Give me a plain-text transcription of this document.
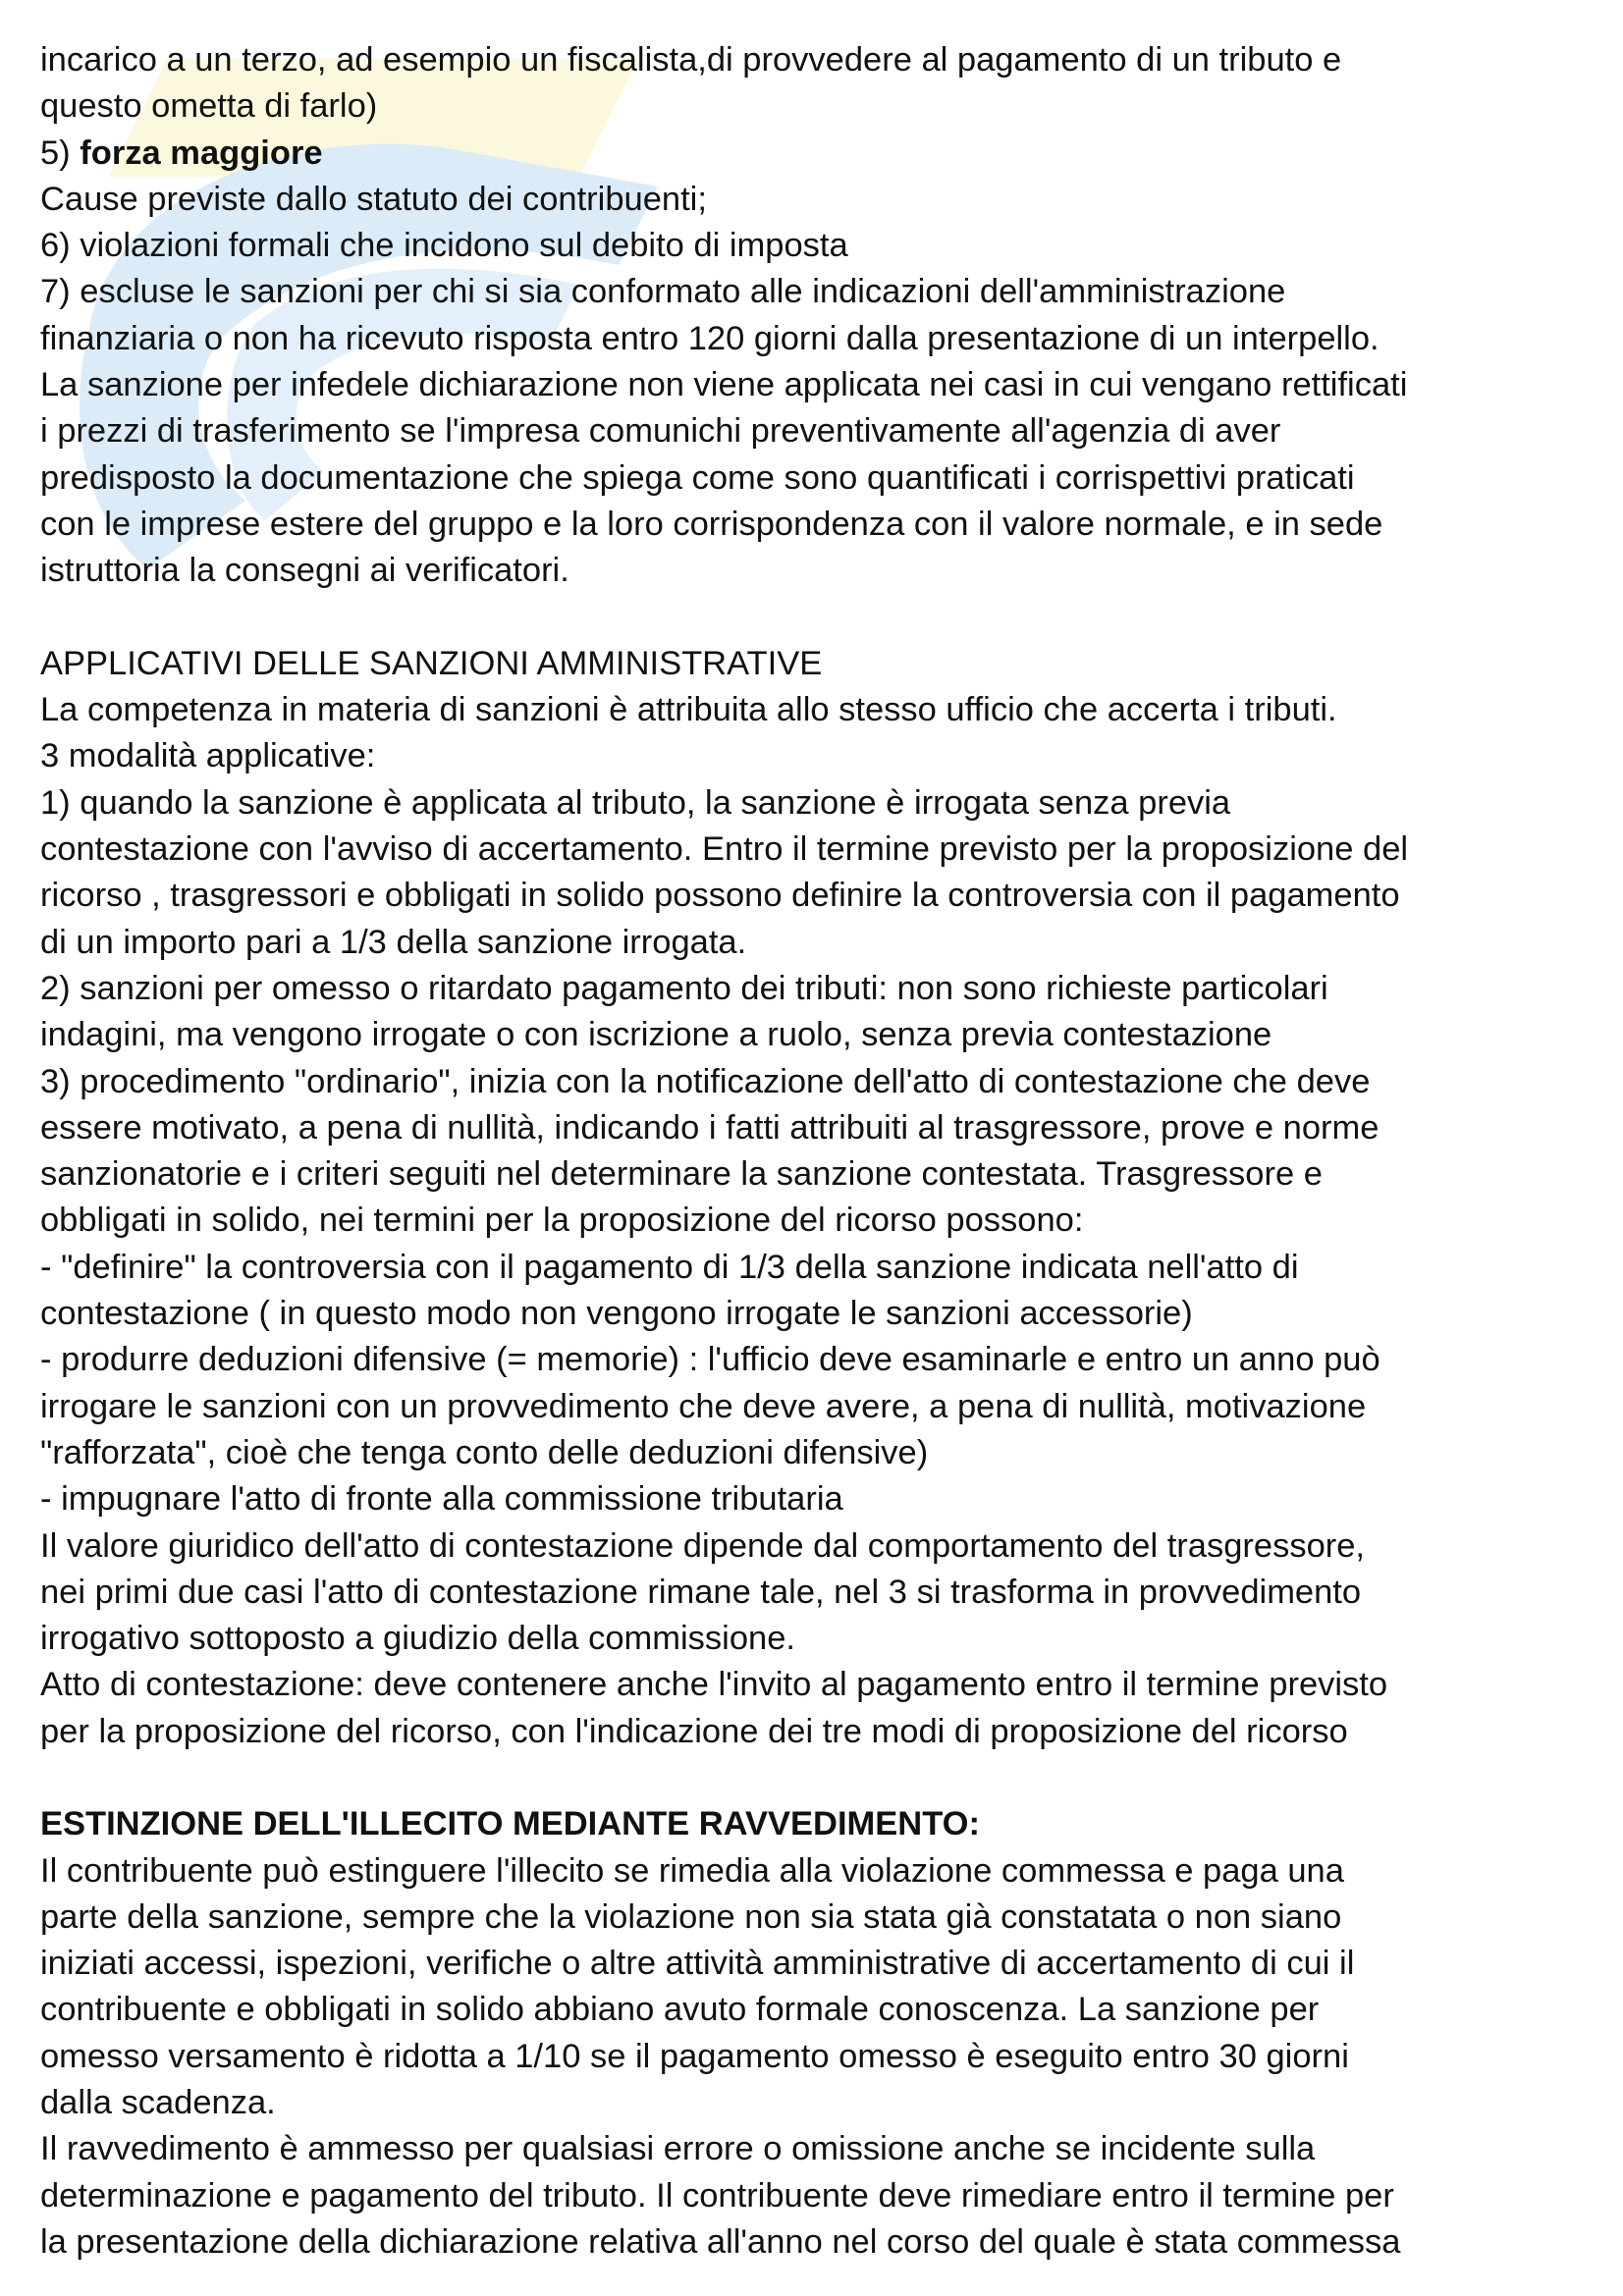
incarico a un terzo, ad esempio un fiscalista,di provvedere al pagamento di un tributo e

questo ometta di farlo)

5) forza maggiore

Cause previste dallo statuto dei contribuenti;

6) violazioni formali che incidono sul debito di imposta

7) escluse le sanzioni per chi si sia conformato alle indicazioni dell'amministrazione

finanziaria o non ha ricevuto risposta entro 120 giorni dalla presentazione di un interpello.

La sanzione per infedele dichiarazione non viene applicata nei casi in cui vengano rettificati

i prezzi di trasferimento se l'impresa comunichi preventivamente all'agenzia di aver

predisposto la documentazione che spiega come sono quantificati i corrispettivi praticati

con le imprese estere del gruppo e la loro corrispondenza con il valore normale, e in sede

istruttoria la consegni ai verificatori.

APPLICATIVI DELLE SANZIONI AMMINISTRATIVE

La competenza in materia di sanzioni è attribuita allo stesso ufficio che accerta i tributi.

3 modalità applicative:

1) quando la sanzione è applicata al tributo, la sanzione è irrogata senza previa

contestazione con l'avviso di accertamento. Entro il termine previsto per la proposizione del

ricorso , trasgressori e obbligati in solido possono definire la controversia con il pagamento

di un importo pari a 1/3 della sanzione irrogata.

2) sanzioni per omesso o ritardato pagamento dei tributi: non sono richieste particolari

indagini, ma vengono irrogate o con iscrizione a ruolo, senza previa contestazione

3) procedimento "ordinario", inizia con la notificazione dell'atto di contestazione che deve

essere motivato, a pena di nullità, indicando i fatti attribuiti al trasgressore, prove e norme

sanzionatorie e i criteri seguiti nel determinare la sanzione contestata. Trasgressore e

obbligati in solido, nei termini per la proposizione del ricorso possono:

- "definire" la controversia con il pagamento di 1/3 della sanzione indicata nell'atto di

contestazione ( in questo modo non vengono irrogate le sanzioni accessorie)

- produrre deduzioni difensive (= memorie) : l'ufficio deve esaminarle e entro un anno può

irrogare le sanzioni con un provvedimento che deve avere, a pena di nullità, motivazione

"rafforzata", cioè che tenga conto delle deduzioni difensive)

- impugnare l'atto di fronte alla commissione tributaria

Il valore giuridico dell'atto di contestazione dipende dal comportamento del trasgressore,

nei primi due casi l'atto di contestazione rimane tale, nel 3 si trasforma in provvedimento

irrogativo sottoposto a giudizio della commissione.

Atto di contestazione: deve contenere anche l'invito al pagamento entro il termine previsto

per la proposizione del ricorso, con l'indicazione dei tre modi di proposizione del ricorso

ESTINZIONE DELL'ILLECITO MEDIANTE RAVVEDIMENTO:

Il contribuente può estinguere l'illecito se rimedia alla violazione commessa e paga una

parte della sanzione, sempre che la violazione non sia stata già constatata o non siano

iniziati accessi, ispezioni, verifiche o altre attività amministrative di accertamento di cui il

contribuente e obbligati in solido abbiano avuto formale conoscenza. La sanzione per

omesso versamento è ridotta a 1/10 se il pagamento omesso è eseguito entro 30 giorni

dalla scadenza.

Il ravvedimento è ammesso per qualsiasi errore o omissione anche se incidente sulla

determinazione e pagamento del tributo. Il contribuente deve rimediare entro il termine per

la presentazione della dichiarazione relativa all'anno nel corso del quale è stata commessa
